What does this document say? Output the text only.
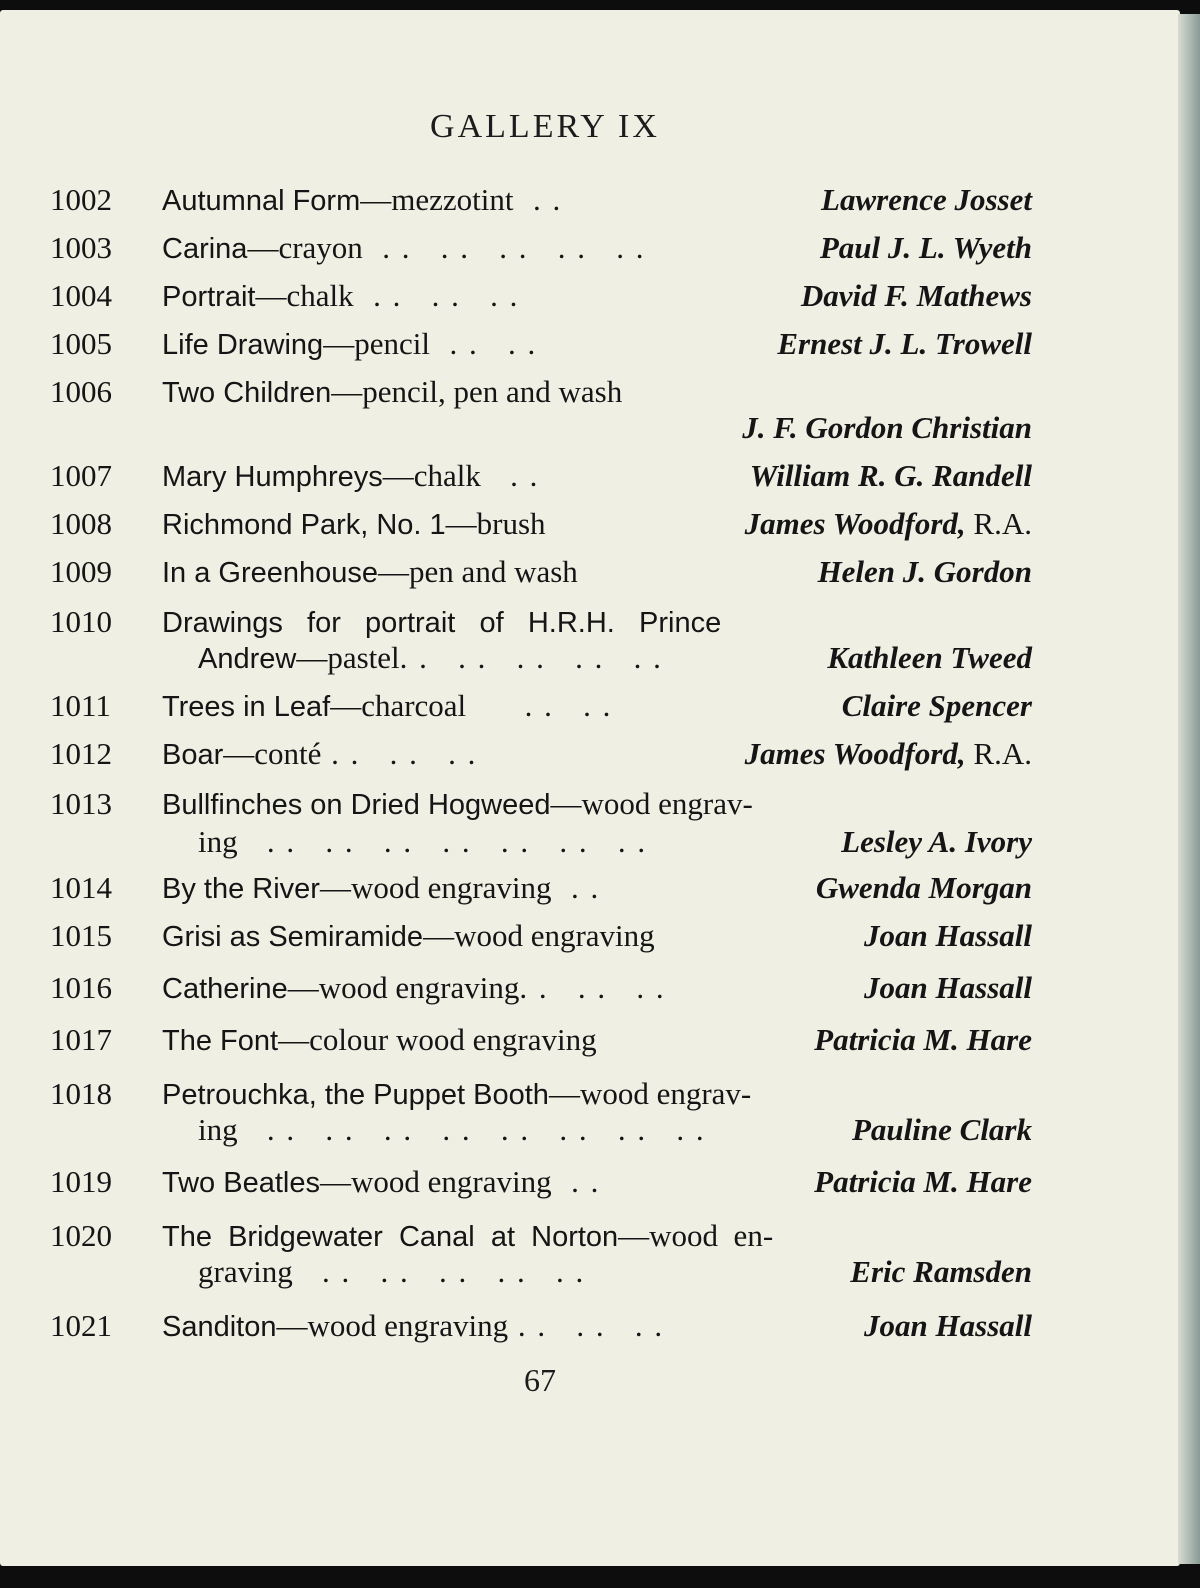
GALLERY IX
1002 Autumnal Form—mezzotint  . .	Lawrence Josset
1003 Carina—crayon  . .   . .   . .   . .   . .	Paul J. L. Wyeth
1004 Portrait—chalk  . .   . .   . .	David F. Mathews
1005 Life Drawing—pencil  . .   . .	Ernest J. L. Trowell
1006 Two Children—pencil, pen and wash
J. F. Gordon Christian
1007 Mary Humphreys—chalk   . .	William R. G. Randell
1008 Richmond Park, No. 1—brush	James Woodford, R.A.
1009 In a Greenhouse—pen and wash	Helen J. Gordon
1010 Drawings   for   portrait   of   H.R.H.   Prince
Andrew—pastel. .   . .   . .   . .   . .	Kathleen Tweed
1011 Trees in Leaf—charcoal      . .   . .	Claire Spencer
1012 Boar—conté . .   . .   . .	James Woodford, R.A.
1013 Bullfinches on Dried Hogweed—wood engrav-
ing   . .   . .   . .   . .   . .   . .   . .	Lesley A. Ivory
1014 By the River—wood engraving  . .	Gwenda Morgan
1015 Grisi as Semiramide—wood engraving	Joan Hassall
1016 Catherine—wood engraving. .   . .   . .	Joan Hassall
1017 The Font—colour wood engraving	Patricia M. Hare
1018 Petrouchka, the Puppet Booth—wood engrav-
ing   . .   . .   . .   . .   . .   . .   . .   . .	Pauline Clark
1019 Two Beatles—wood engraving  . .	Patricia M. Hare
1020 The  Bridgewater  Canal  at  Norton—wood  en-
graving   . .   . .   . .   . .   . .	Eric Ramsden
1021 Sanditon—wood engraving . .   . .   . .	Joan Hassall
67
